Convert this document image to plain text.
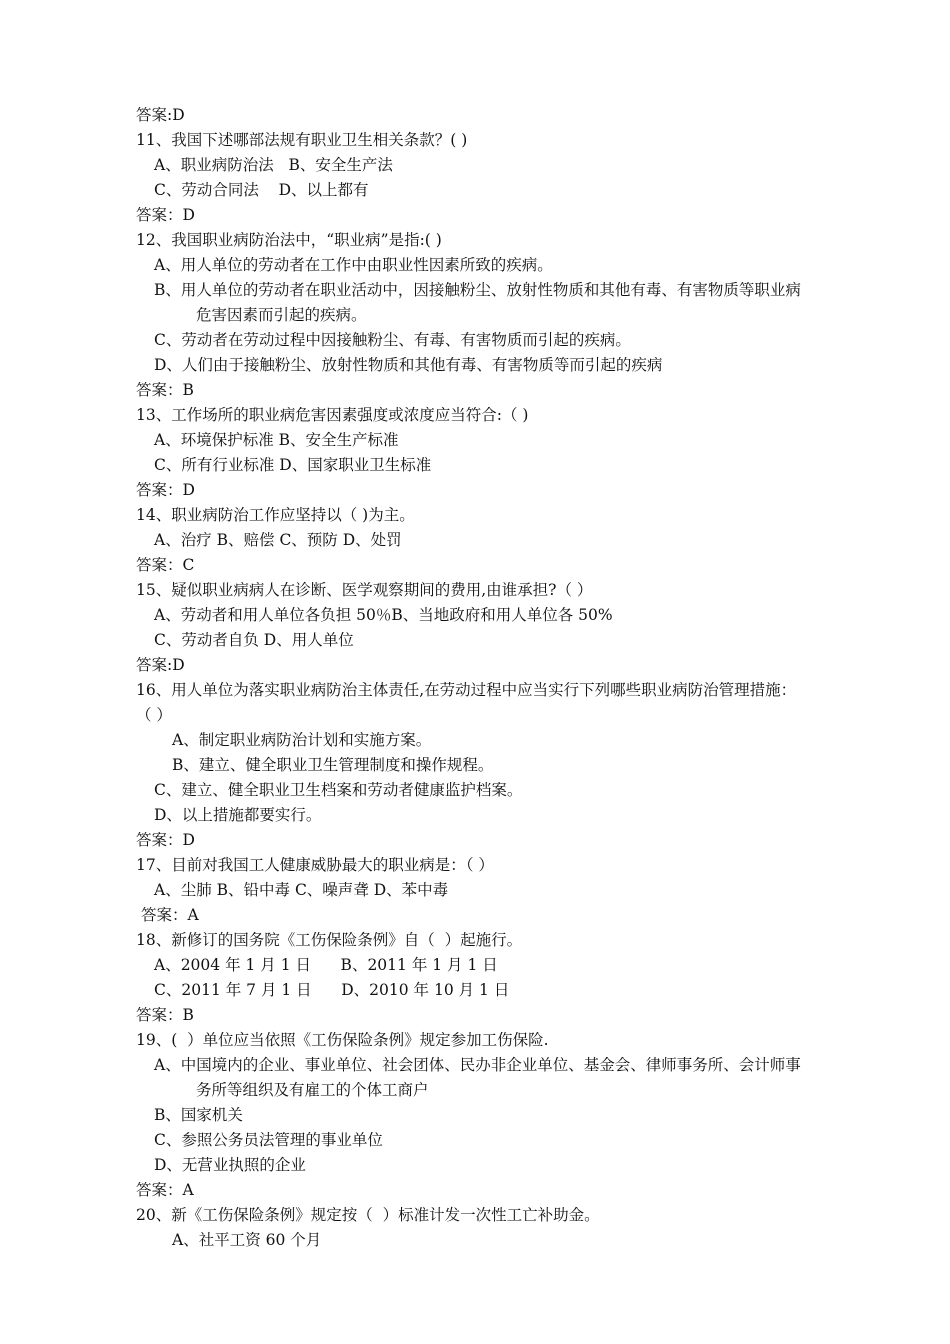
答案:D
11、我国下述哪部法规有职业卫生相关条款？( )
A、职业病防治法   B、安全生产法
C、劳动合同法    D、以上都有
答案：D
12、我国职业病防治法中，“职业病”是指:( )
A、用人单位的劳动者在工作中由职业性因素所致的疾病。
B、用人单位的劳动者在职业活动中，因接触粉尘、放射性物质和其他有毒、有害物质等职业病
危害因素而引起的疾病。
C、劳动者在劳动过程中因接触粉尘、有毒、有害物质而引起的疾病。
D、人们由于接触粉尘、放射性物质和其他有毒、有害物质等而引起的疾病
答案：B
13、工作场所的职业病危害因素强度或浓度应当符合:（ )
A、环境保护标准 B、安全生产标准
C、所有行业标准 D、国家职业卫生标准
答案：D
14、职业病防治工作应坚持以（ )为主。
A、治疗 B、赔偿 C、预防 D、处罚
答案：C
15、疑似职业病病人在诊断、医学观察期间的费用,由谁承担?（ ）
A、劳动者和用人单位各负担 50％B、当地政府和用人单位各 50%
C、劳动者自负 D、用人单位
答案:D
16、用人单位为落实职业病防治主体责任,在劳动过程中应当实行下列哪些职业病防治管理措施：
（ ）
A、制定职业病防治计划和实施方案。
B、建立、健全职业卫生管理制度和操作规程。
C、建立、健全职业卫生档案和劳动者健康监护档案。
D、以上措施都要实行。
答案：D
17、目前对我国工人健康威胁最大的职业病是：（ ）
A、尘肺 B、铅中毒 C、噪声聋 D、苯中毒
答案：A
18、新修订的国务院《工伤保险条例》自（  ）起施行。
A、2004 年 1 月 1 日      B、2011 年 1 月 1 日
C、2011 年 7 月 1 日      D、2010 年 10 月 1 日
答案：B
19、(  ）单位应当依照《工伤保险条例》规定参加工伤保险.
A、中国境内的企业、事业单位、社会团体、民办非企业单位、基金会、律师事务所、会计师事
务所等组织及有雇工的个体工商户
B、国家机关
C、参照公务员法管理的事业单位
D、无营业执照的企业
答案：A
20、新《工伤保险条例》规定按（  ）标准计发一次性工亡补助金。
A、社平工资 60 个月
